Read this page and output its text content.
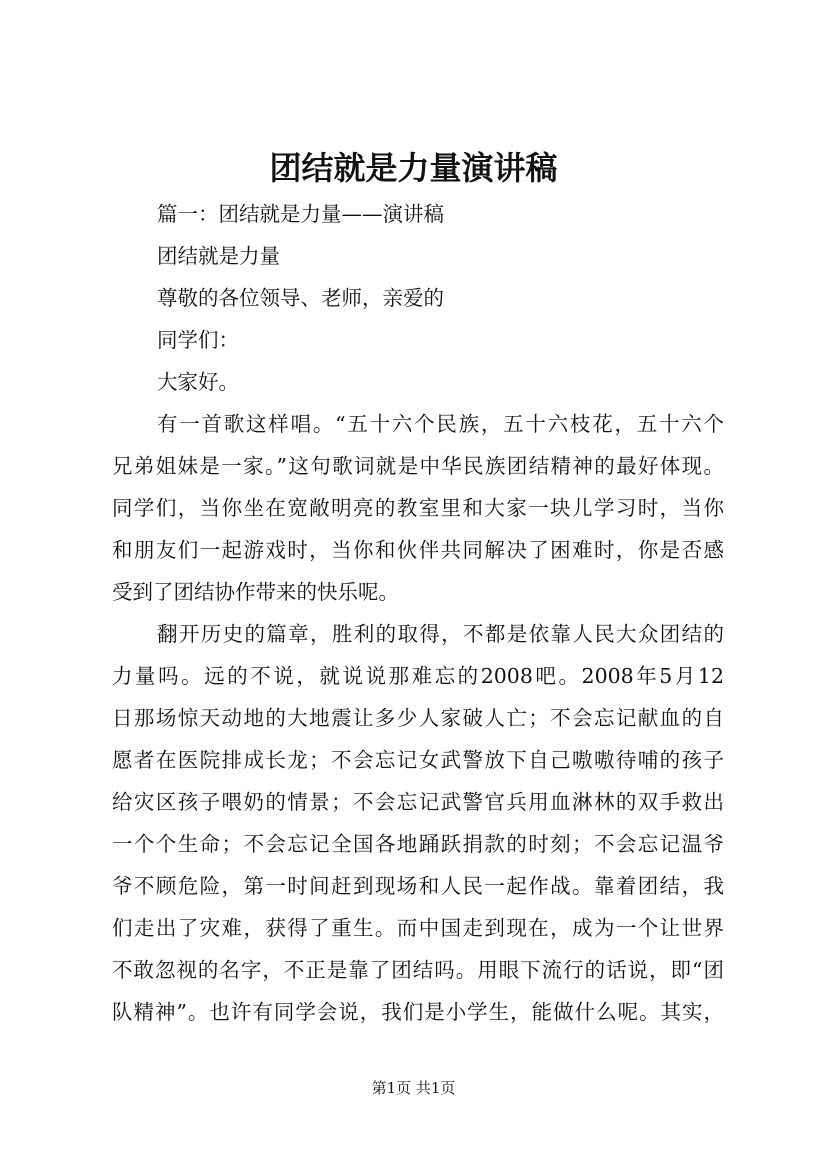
团结就是力量演讲稿
篇一：团结就是力量——演讲稿
团结就是力量
尊敬的各位领导、老师，亲爱的
同学们：
大家好。
有一首歌这样唱。“五十六个民族，五十六枝花，五十六个
兄弟姐妹是一家。”这句歌词就是中华民族团结精神的最好体现。
同学们，当你坐在宽敞明亮的教室里和大家一块儿学习时，当你
和朋友们一起游戏时，当你和伙伴共同解决了困难时，你是否感
受到了团结协作带来的快乐呢。
翻开历史的篇章，胜利的取得，不都是依靠人民大众团结的
力量吗。远的不说，就说说那难忘的2008吧。2008年5月12
日那场惊天动地的大地震让多少人家破人亡；不会忘记献血的自
愿者在医院排成长龙；不会忘记女武警放下自己嗷嗷待哺的孩子
给灾区孩子喂奶的情景；不会忘记武警官兵用血淋林的双手救出
一个个生命；不会忘记全国各地踊跃捐款的时刻；不会忘记温爷
爷不顾危险，第一时间赶到现场和人民一起作战。靠着团结，我
们走出了灾难，获得了重生。而中国走到现在，成为一个让世界
不敢忽视的名字，不正是靠了团结吗。用眼下流行的话说，即“团
队精神”。也许有同学会说，我们是小学生，能做什么呢。其实，
第1页 共1页
